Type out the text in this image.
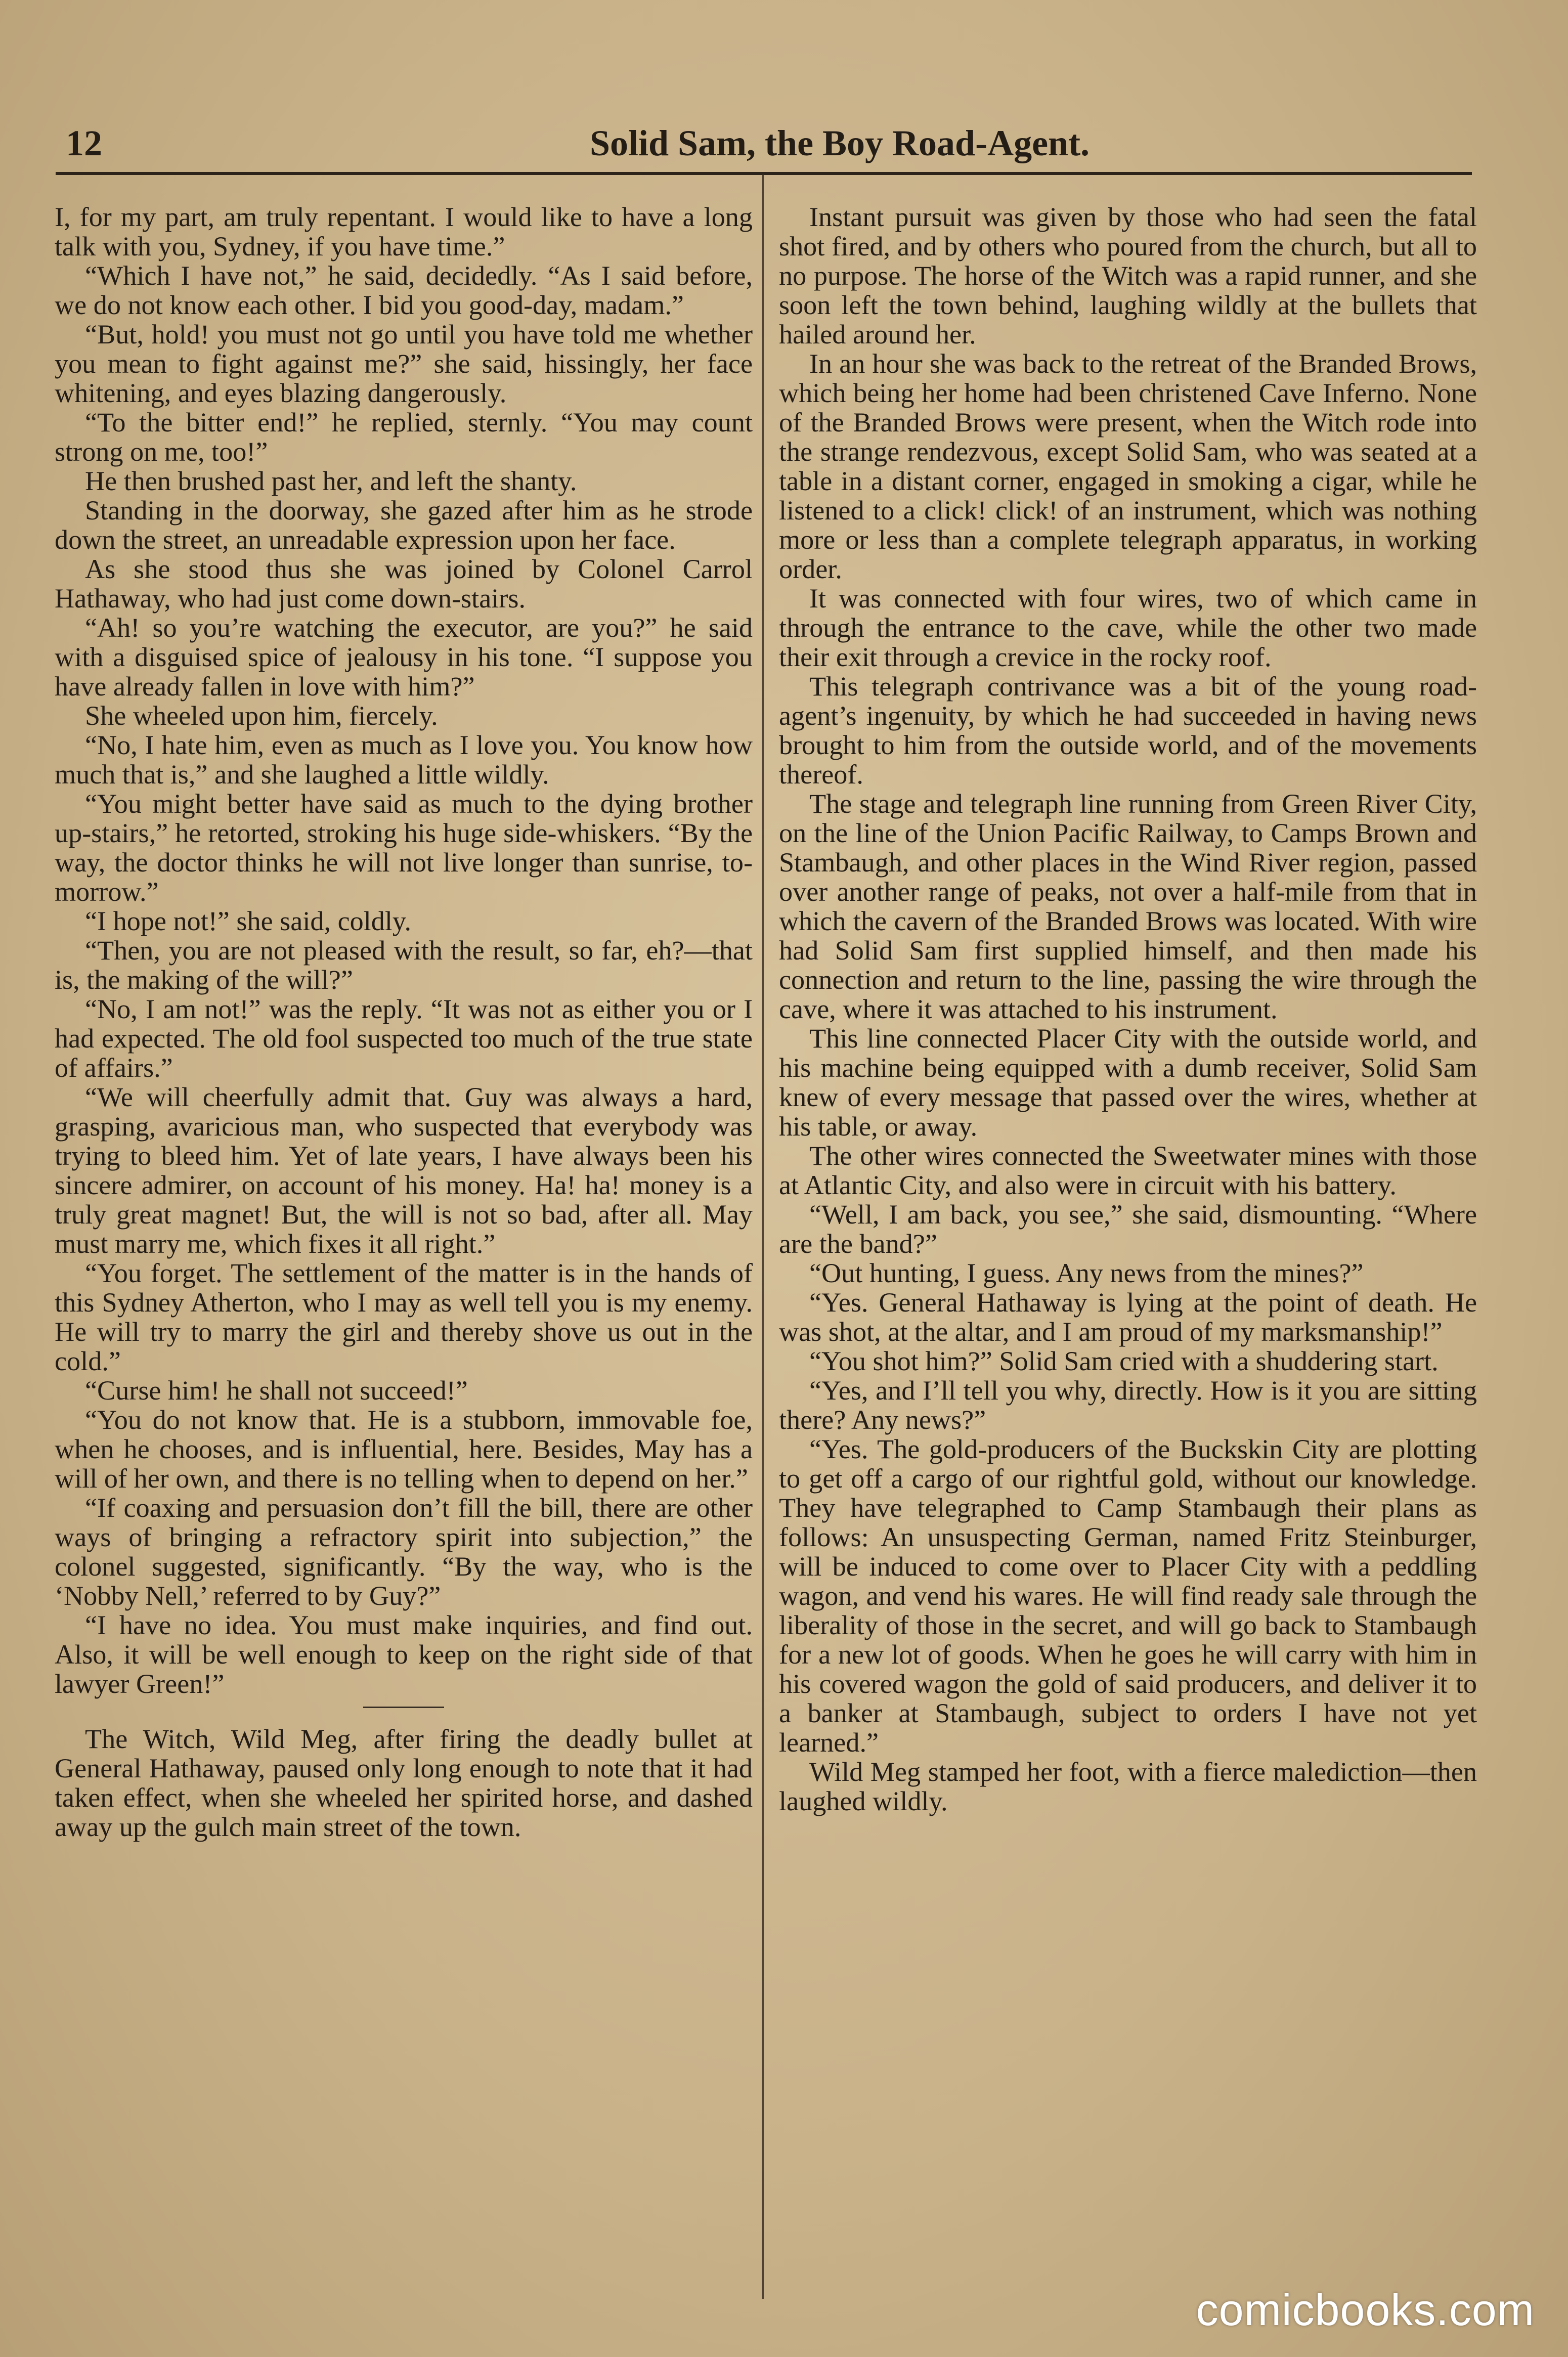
12	Solid Sam, the Boy Road-Agent.

I, for my part, am truly repentant. I would like to have a long talk with you, Sydney, if you have time.”

“Which I have not,” he said, decidedly. “As I said before, we do not know each other. I bid you good-day, madam.”

“But, hold! you must not go until you have told me whether you mean to fight against me?” she said, hissingly, her face whitening, and eyes blazing dangerously.

“To the bitter end!” he replied, sternly. “You may count strong on me, too!”

He then brushed past her, and left the shanty.

Standing in the doorway, she gazed after him as he strode down the street, an unreadable expression upon her face.

As she stood thus she was joined by Colonel Carrol Hathaway, who had just come down-stairs.

“Ah! so you’re watching the executor, are you?” he said with a disguised spice of jealousy in his tone. “I suppose you have already fallen in love with him?”

She wheeled upon him, fiercely.

“No, I hate him, even as much as I love you. You know how much that is,” and she laughed a little wildly.

“You might better have said as much to the dying brother up-stairs,” he retorted, stroking his huge side-whiskers. “By the way, the doctor thinks he will not live longer than sunrise, to-morrow.”

“I hope not!” she said, coldly.

“Then, you are not pleased with the result, so far, eh?—that is, the making of the will?”

“No, I am not!” was the reply. “It was not as either you or I had expected. The old fool suspected too much of the true state of affairs.”

“We will cheerfully admit that. Guy was always a hard, grasping, avaricious man, who suspected that everybody was trying to bleed him. Yet of late years, I have always been his sincere admirer, on account of his money. Ha! ha! money is a truly great magnet! But, the will is not so bad, after all. May must marry me, which fixes it all right.”

“You forget. The settlement of the matter is in the hands of this Sydney Atherton, who I may as well tell you is my enemy. He will try to marry the girl and thereby shove us out in the cold.”

“Curse him! he shall not succeed!”

“You do not know that. He is a stubborn, immovable foe, when he chooses, and is influential, here. Besides, May has a will of her own, and there is no telling when to depend on her.”

“If coaxing and persuasion don’t fill the bill, there are other ways of bringing a refractory spirit into subjection,” the colonel suggested, significantly. “By the way, who is the ‘Nobby Nell,’ referred to by Guy?”

“I have no idea. You must make inquiries, and find out. Also, it will be well enough to keep on the right side of that lawyer Green!”

The Witch, Wild Meg, after firing the deadly bullet at General Hathaway, paused only long enough to note that it had taken effect, when she wheeled her spirited horse, and dashed away up the gulch main street of the town.

Instant pursuit was given by those who had seen the fatal shot fired, and by others who poured from the church, but all to no purpose. The horse of the Witch was a rapid runner, and she soon left the town behind, laughing wildly at the bullets that hailed around her.

In an hour she was back to the retreat of the Branded Brows, which being her home had been christened Cave Inferno. None of the Branded Brows were present, when the Witch rode into the strange rendezvous, except Solid Sam, who was seated at a table in a distant corner, engaged in smoking a cigar, while he listened to a click! click! of an instrument, which was nothing more or less than a complete telegraph apparatus, in working order.

It was connected with four wires, two of which came in through the entrance to the cave, while the other two made their exit through a crevice in the rocky roof.

This telegraph contrivance was a bit of the young road-agent’s ingenuity, by which he had succeeded in having news brought to him from the outside world, and of the movements thereof.

The stage and telegraph line running from Green River City, on the line of the Union Pacific Railway, to Camps Brown and Stambaugh, and other places in the Wind River region, passed over another range of peaks, not over a half-mile from that in which the cavern of the Branded Brows was located. With wire had Solid Sam first supplied himself, and then made his connection and return to the line, passing the wire through the cave, where it was attached to his instrument.

This line connected Placer City with the outside world, and his machine being equipped with a dumb receiver, Solid Sam knew of every message that passed over the wires, whether at his table, or away.

The other wires connected the Sweetwater mines with those at Atlantic City, and also were in circuit with his battery.

“Well, I am back, you see,” she said, dismounting. “Where are the band?”

“Out hunting, I guess. Any news from the mines?”

“Yes. General Hathaway is lying at the point of death. He was shot, at the altar, and I am proud of my marksmanship!”

“You shot him?” Solid Sam cried with a shuddering start.

“Yes, and I’ll tell you why, directly. How is it you are sitting there? Any news?”

“Yes. The gold-producers of the Buckskin City are plotting to get off a cargo of our rightful gold, without our knowledge. They have telegraphed to Camp Stambaugh their plans as follows: An unsuspecting German, named Fritz Steinburger, will be induced to come over to Placer City with a peddling wagon, and vend his wares. He will find ready sale through the liberality of those in the secret, and will go back to Stambaugh for a new lot of goods. When he goes he will carry with him in his covered wagon the gold of said producers, and deliver it to a banker at Stambaugh, subject to orders I have not yet learned.”

Wild Meg stamped her foot, with a fierce malediction—then laughed wildly.

comicbooks.com
